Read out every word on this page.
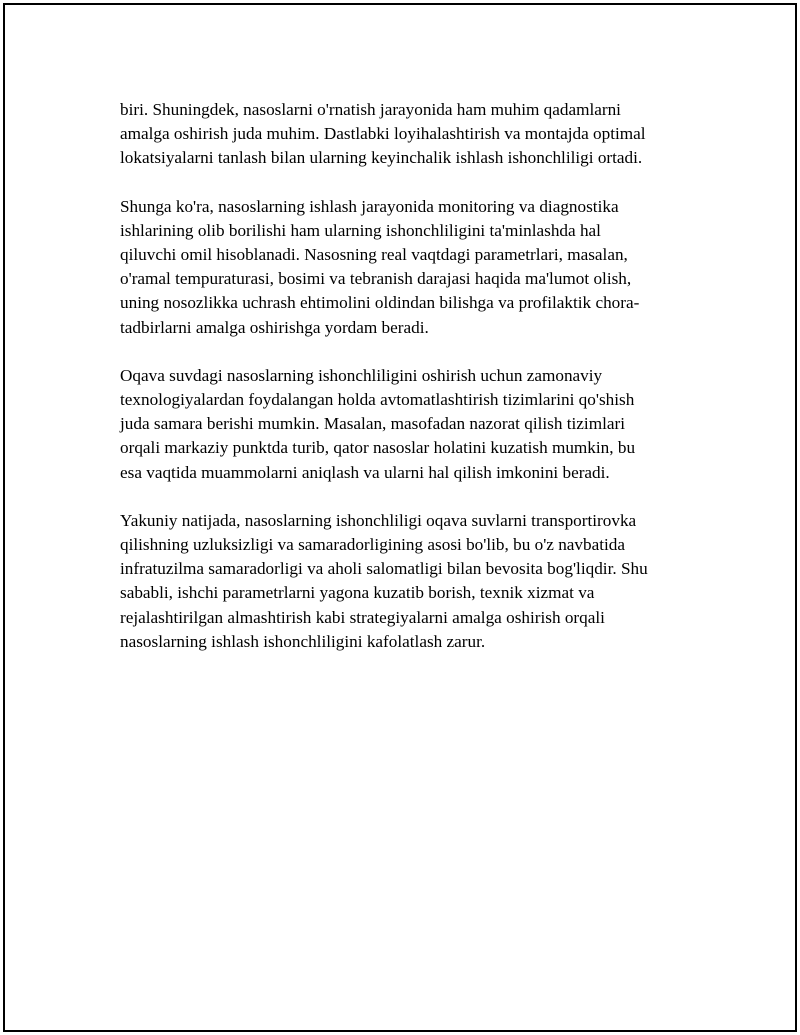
biri. Shuningdek, nasoslarni o'rnatish jarayonida ham muhim qadamlarni
amalga oshirish juda muhim. Dastlabki loyihalashtirish va montajda optimal
lokatsiyalarni tanlash bilan ularning keyinchalik ishlash ishonchliligi ortadi.

Shunga ko'ra, nasoslarning ishlash jarayonida monitoring va diagnostika
ishlarining olib borilishi ham ularning ishonchliligini ta'minlashda hal
qiluvchi omil hisoblanadi. Nasosning real vaqtdagi parametrlari, masalan,
o'ramal tempuraturasi, bosimi va tebranish darajasi haqida ma'lumot olish,
uning nosozlikka uchrash ehtimolini oldindan bilishga va profilaktik chora-
tadbirlarni amalga oshirishga yordam beradi.

Oqava suvdagi nasoslarning ishonchliligini oshirish uchun zamonaviy
texnologiyalardan foydalangan holda avtomatlashtirish tizimlarini qo'shish
juda samara berishi mumkin. Masalan, masofadan nazorat qilish tizimlari
orqali markaziy punktda turib, qator nasoslar holatini kuzatish mumkin, bu
esa vaqtida muammolarni aniqlash va ularni hal qilish imkonini beradi.

Yakuniy natijada, nasoslarning ishonchliligi oqava suvlarni transportirovka
qilishning uzluksizligi va samaradorligining asosi bo'lib, bu o'z navbatida
infratuzilma samaradorligi va aholi salomatligi bilan bevosita bog'liqdir. Shu
sababli, ishchi parametrlarni yagona kuzatib borish, texnik xizmat va
rejalashtirilgan almashtirish kabi strategiyalarni amalga oshirish orqali
nasoslarning ishlash ishonchliligini kafolatlash zarur.
